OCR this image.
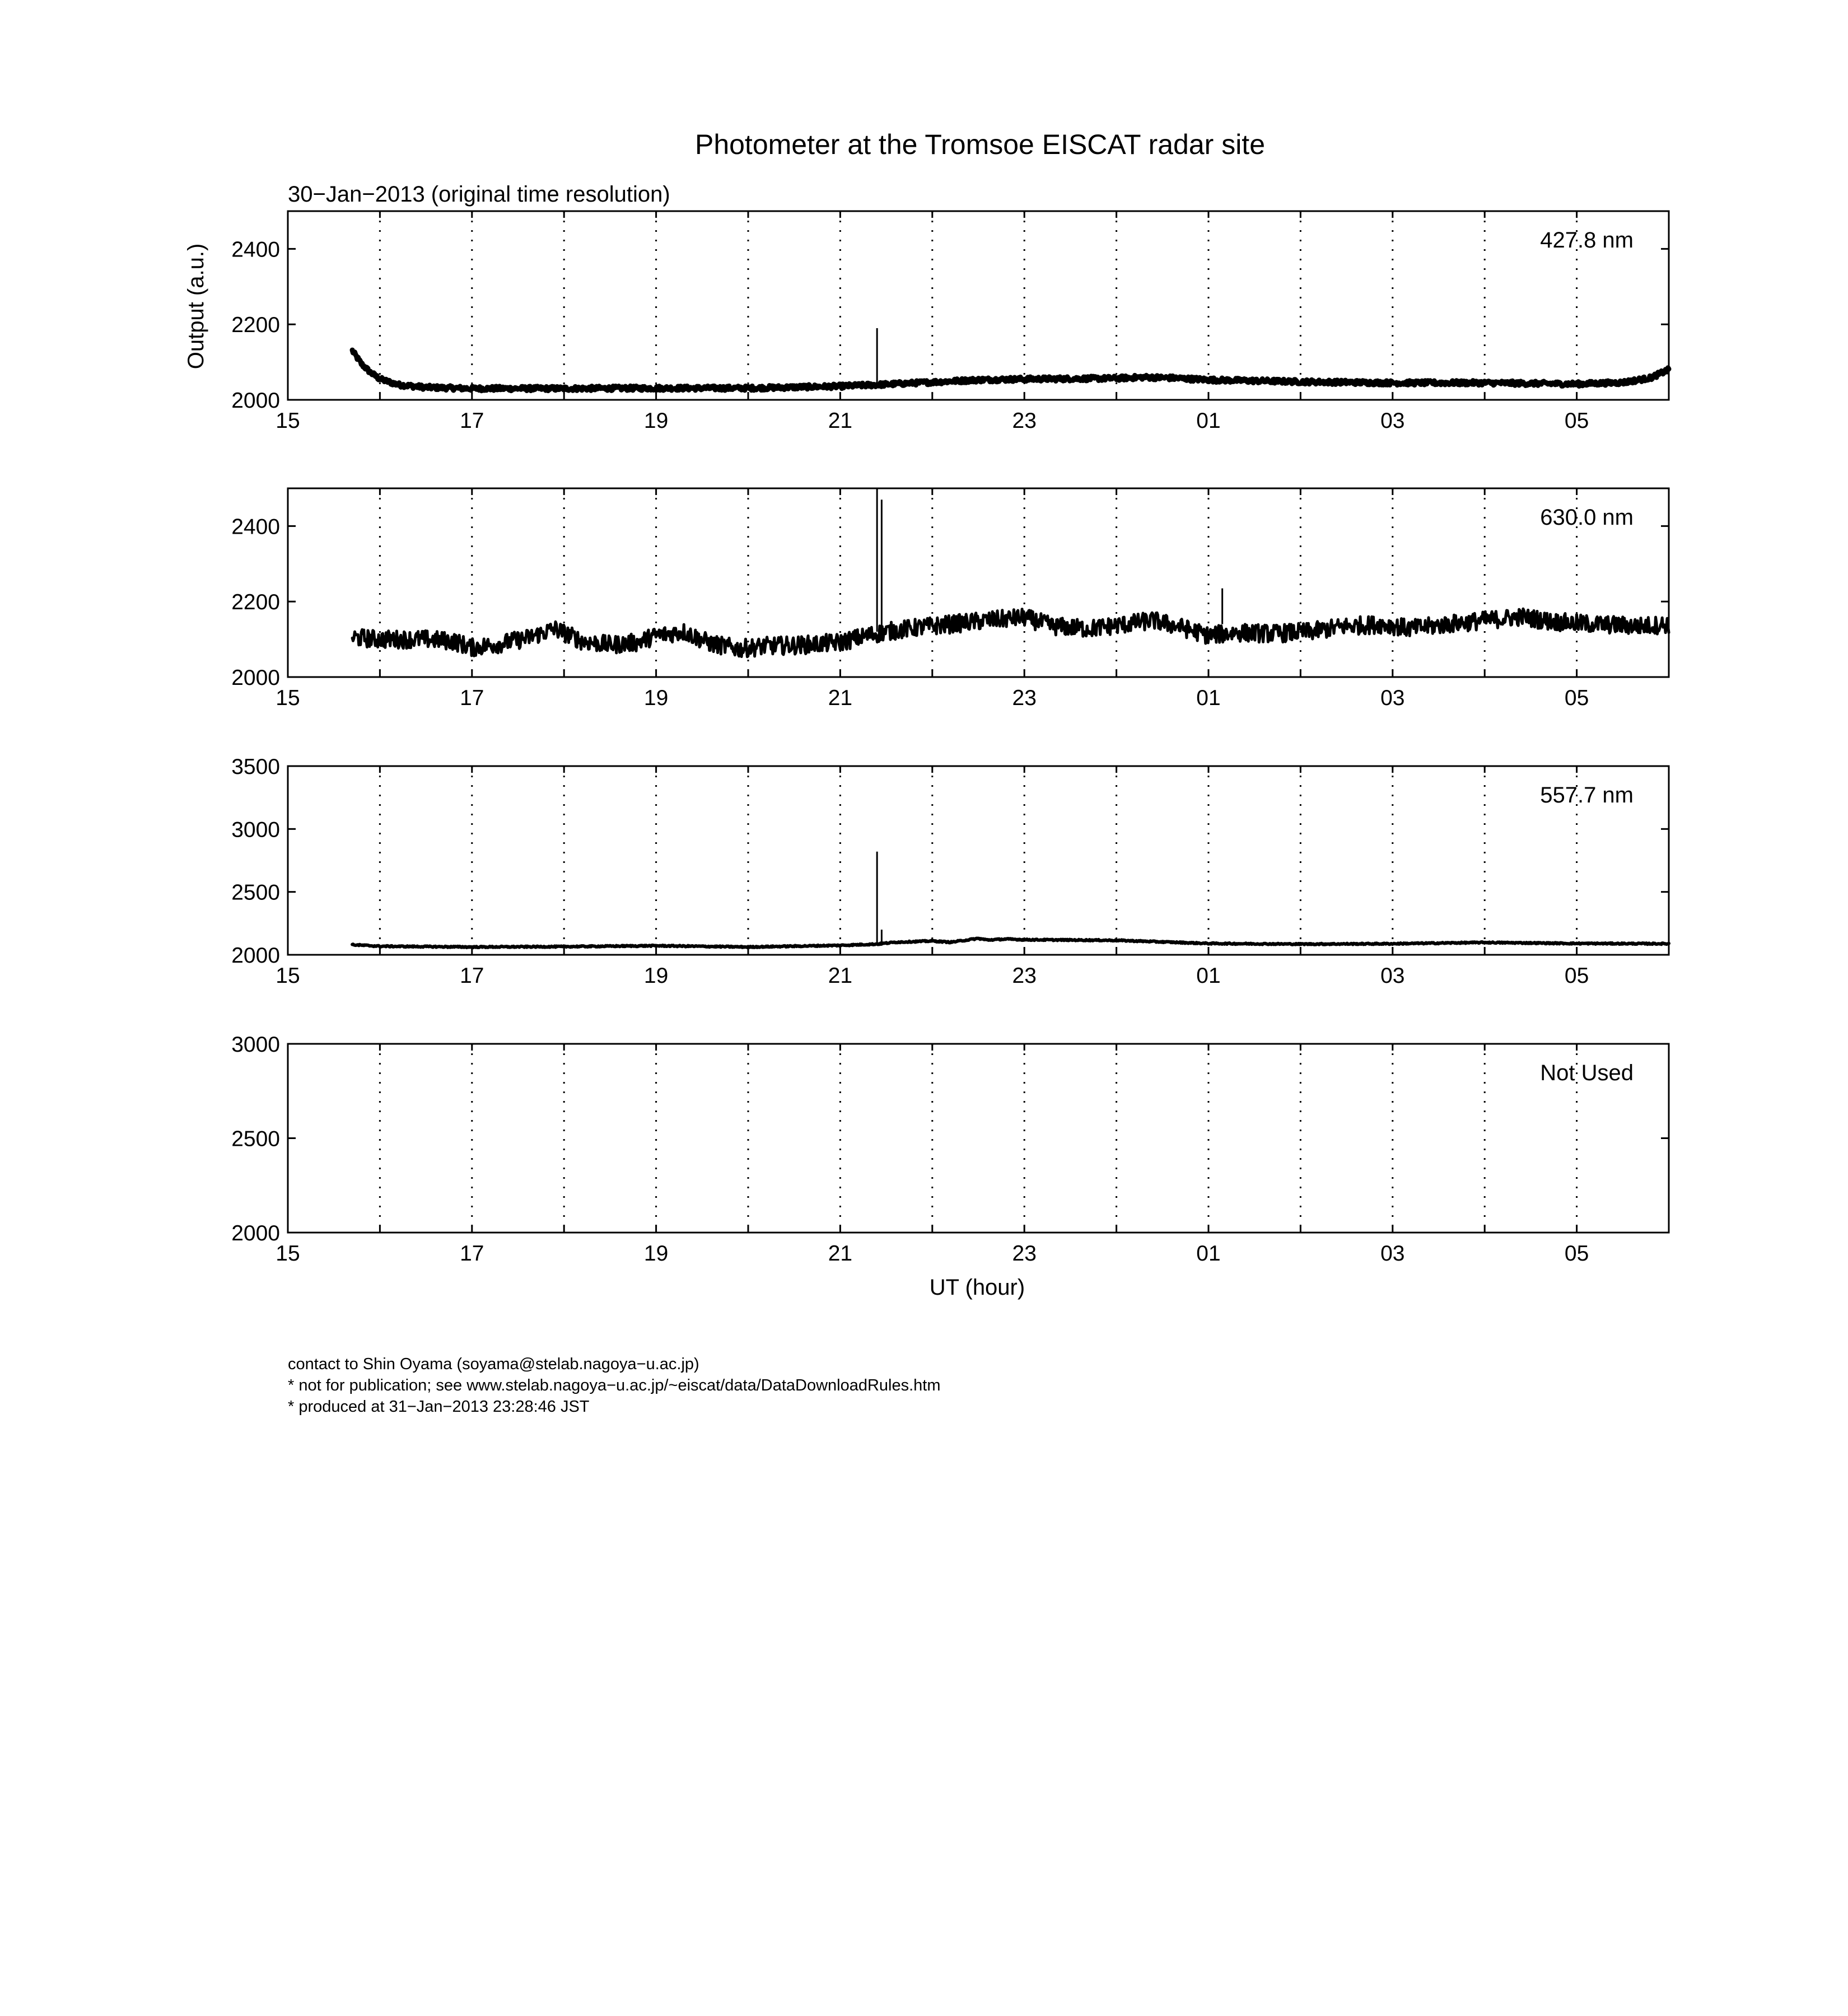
Photometer at the Tromsoe EISCAT radar site
30−Jan−2013 (original time resolution)
Output (a.u.)
UT (hour)
15	17	19	21	23	01	03	05
2000
2200
2400	427.8 nm
15	17	19	21	23	01	03	05
2000
2200
2400	630.0 nm
15	17	19	21	23	01	03	05
2000
2500
3000
3500
557.7 nm
15	17	19	21	23	01	03	05
2000
2500
3000
Not Used
contact to Shin Oyama (soyama@stelab.nagoya−u.ac.jp)
* not for publication; see www.stelab.nagoya−u.ac.jp/~eiscat/data/DataDownloadRules.htm
* produced at 31−Jan−2013 23:28:46 JST
